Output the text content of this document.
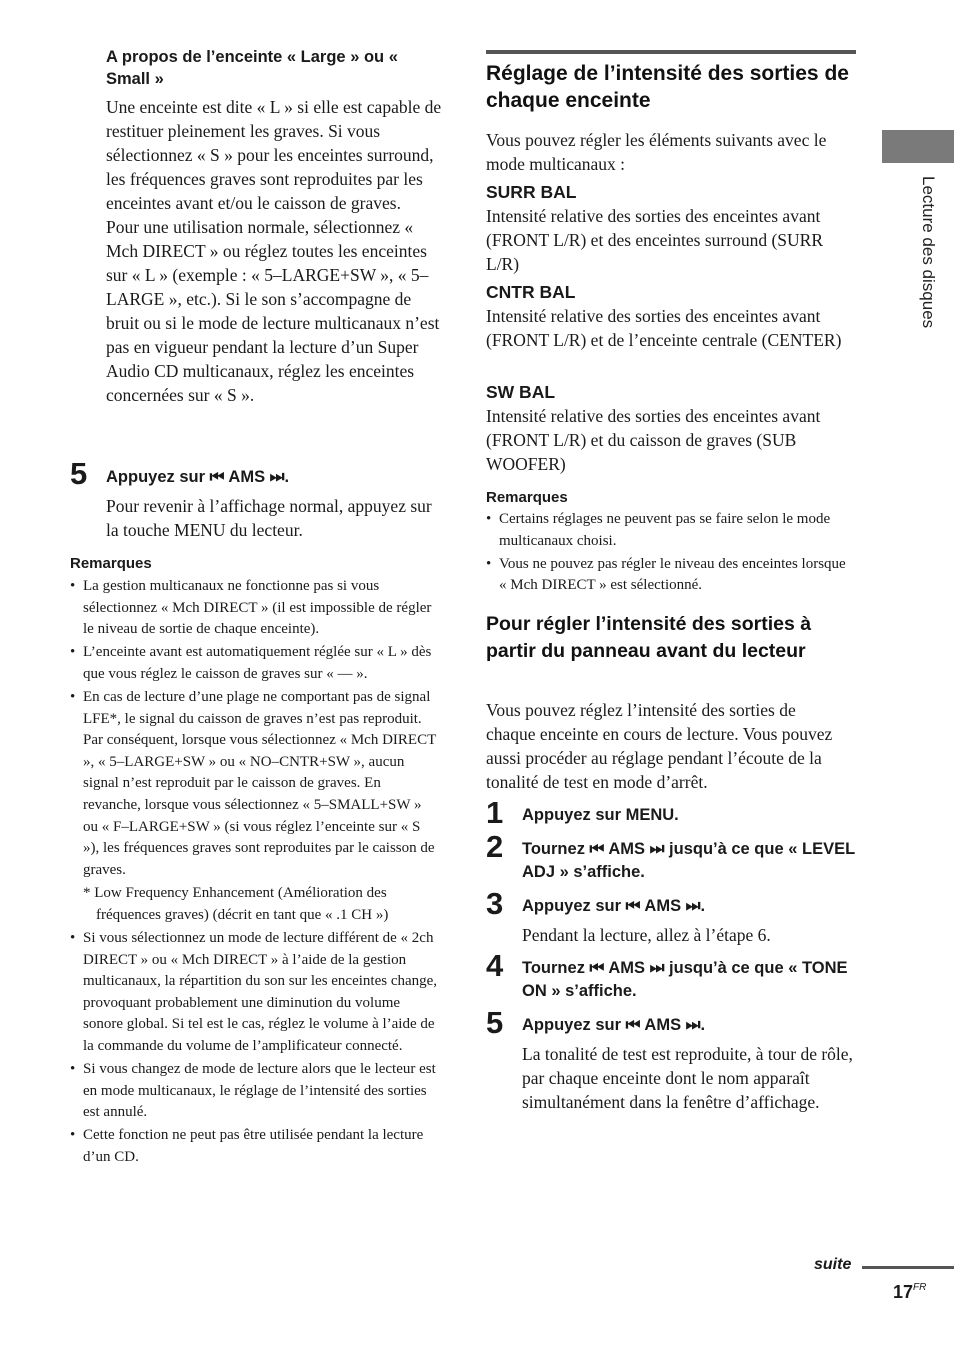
Lecture des disques

A propos de l’enceinte « Large » ou « Small »

Une enceinte est dite « L » si elle est capable de restituer pleinement les graves. Si vous sélectionnez « S » pour les enceintes surround, les fréquences graves sont reproduites par les enceintes avant et/ou le caisson de graves.

Pour une utilisation normale, sélectionnez « Mch DIRECT » ou réglez toutes les enceintes sur « L » (exemple : « 5–LARGE+SW », « 5–LARGE », etc.). Si le son s’accompagne de bruit ou si le mode de lecture multicanaux n’est pas en vigueur pendant la lecture d’un Super Audio CD multicanaux, réglez les enceintes concernées sur « S ».

5 Appuyez sur ⏮ AMS ⏭.

Pour revenir à l’affichage normal, appuyez sur la touche MENU du lecteur.

Remarques

• La gestion multicanaux ne fonctionne pas si vous sélectionnez « Mch DIRECT » (il est impossible de régler le niveau de sortie de chaque enceinte).
• L’enceinte avant est automatiquement réglée sur « L » dès que vous réglez le caisson de graves sur « — ».
• En cas de lecture d’une plage ne comportant pas de signal LFE*, le signal du caisson de graves n’est pas reproduit. Par conséquent, lorsque vous sélectionnez « Mch DIRECT », « 5–LARGE+SW » ou « NO–CNTR+SW », aucun signal n’est reproduit par le caisson de graves. En revanche, lorsque vous sélectionnez « 5–SMALL+SW » ou « F–LARGE+SW » (si vous réglez l’enceinte sur « S »), les fréquences graves sont reproduites par le caisson de graves.
* Low Frequency Enhancement (Amélioration des fréquences graves) (décrit en tant que « .1 CH »)
• Si vous sélectionnez un mode de lecture différent de « 2ch DIRECT » ou « Mch DIRECT » à l’aide de la gestion multicanaux, la répartition du son sur les enceintes change, provoquant probablement une diminution du volume sonore global. Si tel est le cas, réglez le volume à l’aide de la commande du volume de l’amplificateur connecté.
• Si vous changez de mode de lecture alors que le lecteur est en mode multicanaux, le réglage de l’intensité des sorties est annulé.
• Cette fonction ne peut pas être utilisée pendant la lecture d’un CD.

Réglage de l’intensité des sorties de chaque enceinte

Vous pouvez régler les éléments suivants avec le mode multicanaux :

SURR BAL

Intensité relative des sorties des enceintes avant (FRONT L/R) et des enceintes surround (SURR L/R)

CNTR BAL

Intensité relative des sorties des enceintes avant (FRONT L/R) et de l’enceinte centrale (CENTER)

SW BAL

Intensité relative des sorties des enceintes avant (FRONT L/R) et du caisson de graves (SUB WOOFER)

Remarques

• Certains réglages ne peuvent pas se faire selon le mode multicanaux choisi.
• Vous ne pouvez pas régler le niveau des enceintes lorsque « Mch DIRECT » est sélectionné.

Pour régler l’intensité des sorties à partir du panneau avant du lecteur

Vous pouvez réglez l’intensité des sorties de chaque enceinte en cours de lecture. Vous pouvez aussi procéder au réglage pendant l’écoute de la tonalité de test en mode d’arrêt.

1 Appuyez sur MENU.

2 Tournez ⏮ AMS ⏭ jusqu’à ce que « LEVEL ADJ » s’affiche.

3 Appuyez sur ⏮ AMS ⏭.

Pendant la lecture, allez à l’étape 6.

4 Tournez ⏮ AMS ⏭ jusqu’à ce que « TONE ON » s’affiche.

5 Appuyez sur ⏮ AMS ⏭.

La tonalité de test est reproduite, à tour de rôle, par chaque enceinte dont le nom apparaît simultanément dans la fenêtre d’affichage.

suite
$17^{FR}$
